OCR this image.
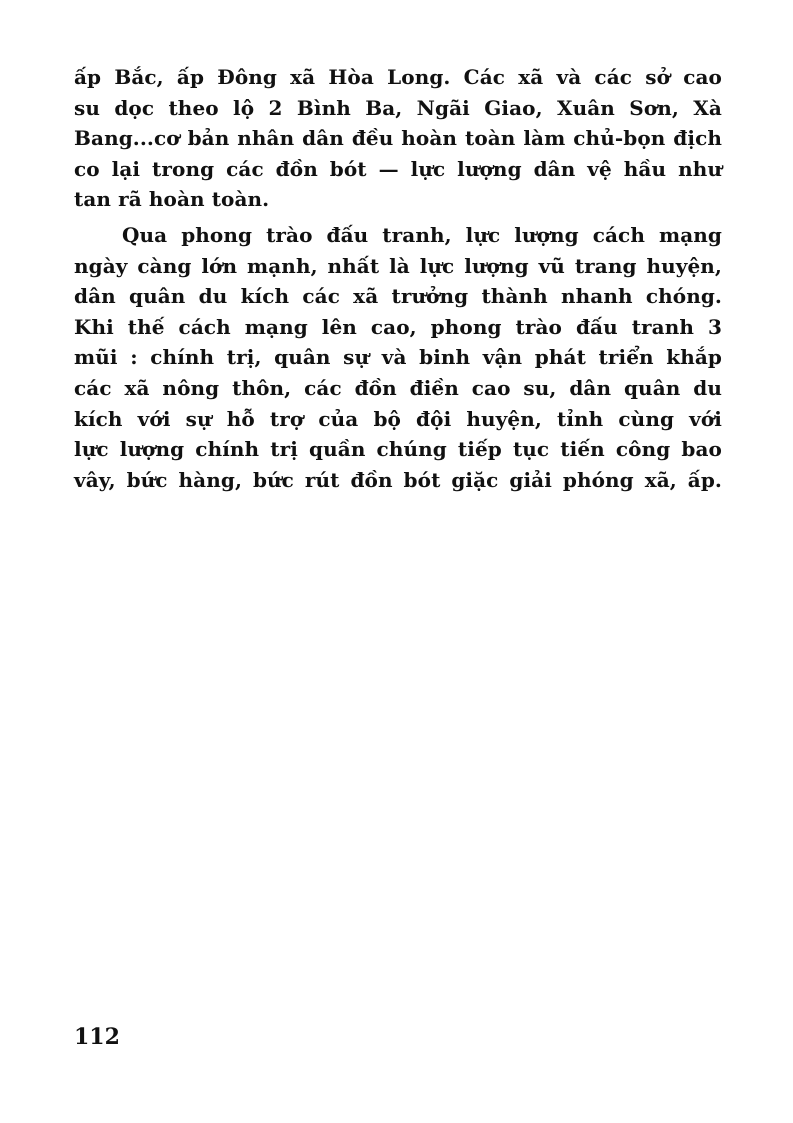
ấp Bắc, ấp Đông xã Hòa Long. Các xã và các sở cao
su dọc theo lộ 2 Bình Ba, Ngãi Giao, Xuân Sơn, Xà
Bang...cơ bản nhân dân đều hoàn toàn làm chủ-bọn địch
co lại trong các đồn bót — lực lượng dân vệ hầu như
tan rã hoàn toàn.
Qua phong trào đấu tranh, lực lượng cách mạng
ngày càng lớn mạnh, nhất là lực lượng vũ trang huyện,
dân quân du kích các xã trưởng thành nhanh chóng.
Khi thế cách mạng lên cao, phong trào đấu tranh 3
mũi : chính trị, quân sự và binh vận phát triển khắp
các xã nông thôn, các đồn điền cao su, dân quân du
kích với sự hỗ trợ của bộ đội huyện, tỉnh cùng với
lực lượng chính trị quần chúng tiếp tục tiến công bao
vây, bức hàng, bức rút đồn bót giặc giải phóng xã, ấp.
112
